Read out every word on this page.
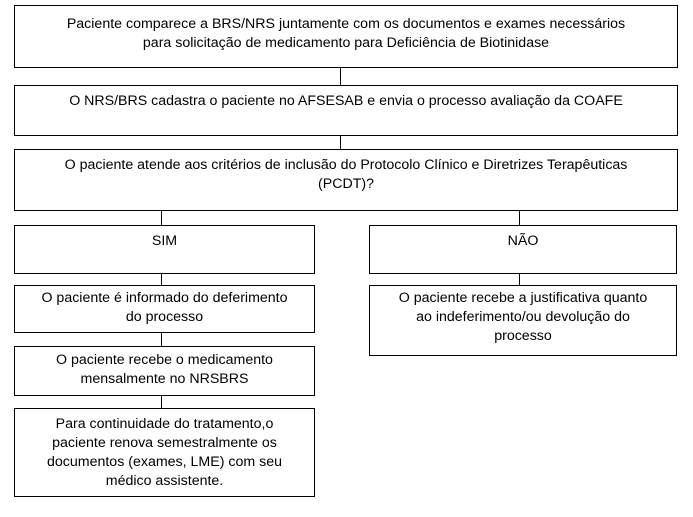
Paciente comparece a BRS/NRS juntamente com os documentos e exames necessários
para solicitação de medicamento para Deficiência de Biotinidase
O NRS/BRS cadastra o paciente no AFSESAB e envia o processo avaliação da COAFE
O paciente atende aos critérios de inclusão do Protocolo Clínico e Diretrizes Terapêuticas
(PCDT)?
SIM	NÃO
O paciente é informado do deferimento
do processo
O paciente recebe a justificativa quanto
ao indeferimento/ou devolução do
processo
O paciente recebe o medicamento
mensalmente no NRSBRS
Para continuidade do tratamento,o
paciente renova semestralmente os
documentos (exames, LME) com seu
médico assistente.
